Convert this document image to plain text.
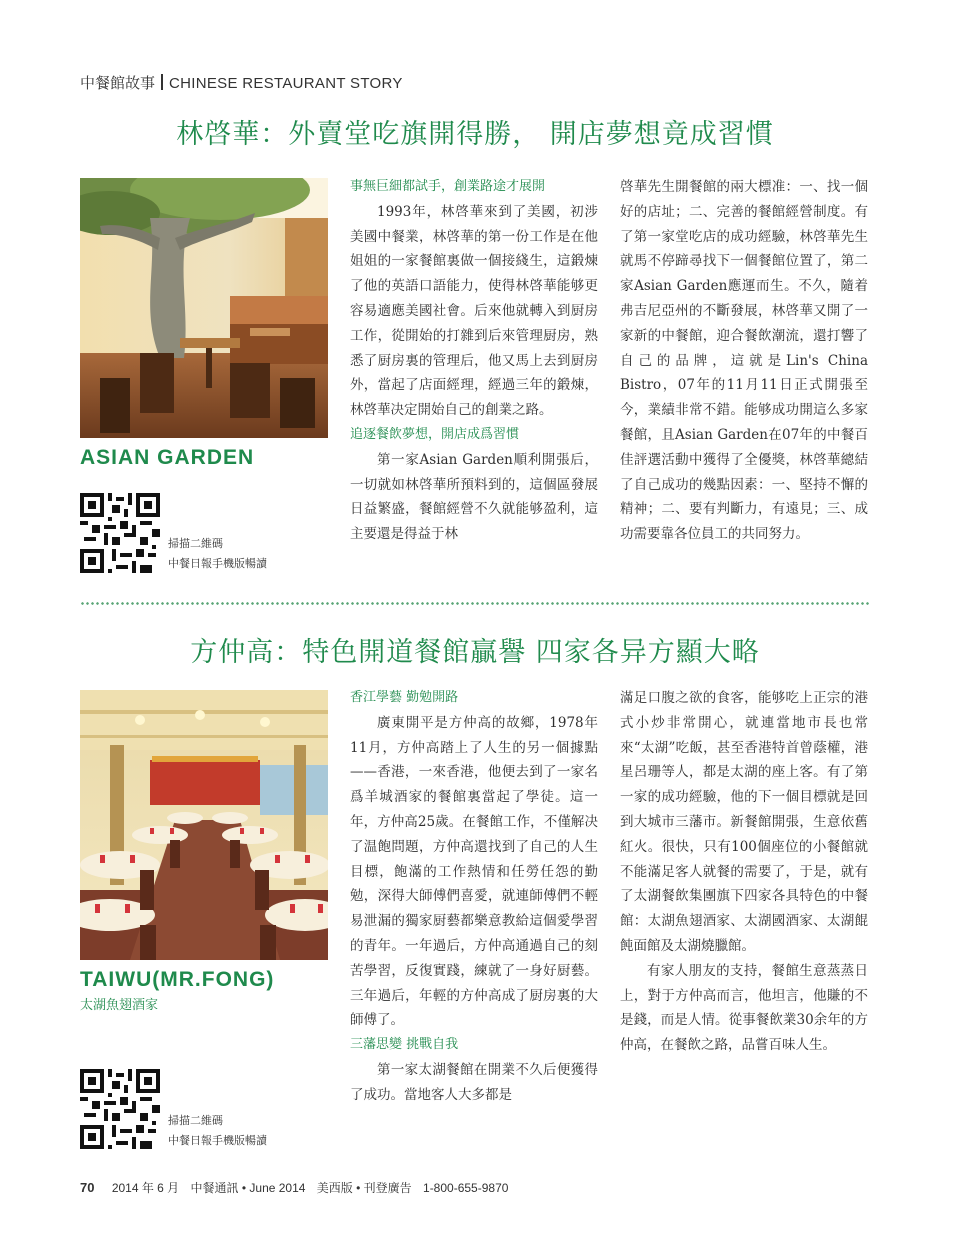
中餐館故事 CHINESE RESTAURANT STORY
林啓華：外賣堂吃旗開得勝， 開店夢想竟成習慣
ASIAN GARDEN
掃描二維碼
中餐日報手機版暢讀

事無巨細都試手，創業路途才展開

1993年，林啓華來到了美國，初涉美國中餐業，林啓華的第一份工作是在他姐姐的一家餐館裏做一個接綫生，這鍛煉了他的英語口語能力，使得林啓華能够更容易適應美國社會。后來他就轉入到厨房工作，從開始的打雜到后來管理厨房，熟悉了厨房裏的管理后，他又馬上去到厨房外，當起了店面經理，經過三年的鍛煉，林啓華决定開始自己的創業之路。

追逐餐飲夢想，開店成爲習慣

第一家Asian Garden順利開張后，一切就如林啓華所預料到的，這個區發展日益繁盛，餐館經營不久就能够盈利，這主要還是得益于林

啓華先生開餐館的兩大標准：一、找一個好的店址；二、完善的餐館經營制度。有了第一家堂吃店的成功經驗，林啓華先生就馬不停蹄尋找下一個餐館位置了，第二家Asian Garden應運而生。不久，隨着弗吉尼亞州的不斷發展，林啓華又開了一家新的中餐館，迎合餐飲潮流，還打響了自己的品牌，這就是Lin's China Bistro，07年的11月11日正式開張至今，業績非常不錯。能够成功開這么多家餐館，且Asian Garden在07年的中餐百佳評選活動中獲得了全優獎，林啓華總結了自己成功的幾點因素：一、堅持不懈的精神；二、要有判斷力，有遠見；三、成功需要靠各位員工的共同努力。

方仲高：特色開道餐館贏譽 四家各异方顯大略
TAIWU(MR.FONG)
太湖魚翅酒家
掃描二維碼
中餐日報手機版暢讀

香江學藝 勤勉開路

廣東開平是方仲高的故鄉，1978年11月，方仲高踏上了人生的另一個據點——香港，一來香港，他便去到了一家名爲羊城酒家的餐館裏當起了學徒。這一年，方仲高25歲。在餐館工作，不僅解决了温飽問題，方仲高還找到了自己的人生目標，飽滿的工作熱情和任勞任怨的勤勉，深得大師傅們喜愛，就連師傅們不輕易泄漏的獨家厨藝都樂意教給這個愛學習的青年。一年過后，方仲高通過自己的刻苦學習，反復實踐，練就了一身好厨藝。三年過后，年輕的方仲高成了厨房裏的大師傅了。

三藩思變 挑戰自我

第一家太湖餐館在開業不久后便獲得了成功。當地客人大多都是

滿足口腹之欲的食客，能够吃上正宗的港式小炒非常開心，就連當地市長也常來“太湖”吃飯，甚至香港特首曾蔭權，港星呂珊等人，都是太湖的座上客。有了第一家的成功經驗，他的下一個目標就是回到大城市三藩市。新餐館開張，生意依舊紅火。很快，只有100個座位的小餐館就不能滿足客人就餐的需要了，于是，就有了太湖餐飲集團旗下四家各具特色的中餐館：太湖魚翅酒家、太湖國酒家、太湖餛飩面館及太湖燒臘館。

有家人朋友的支持，餐館生意蒸蒸日上，對于方仲高而言，他坦言，他賺的不是錢，而是人情。從事餐飲業30余年的方仲高，在餐飲之路，品嘗百味人生。

70 2014 年 6 月 中餐通訊 • June 2014 美西版 • 刊登廣告 1-800-655-9870
